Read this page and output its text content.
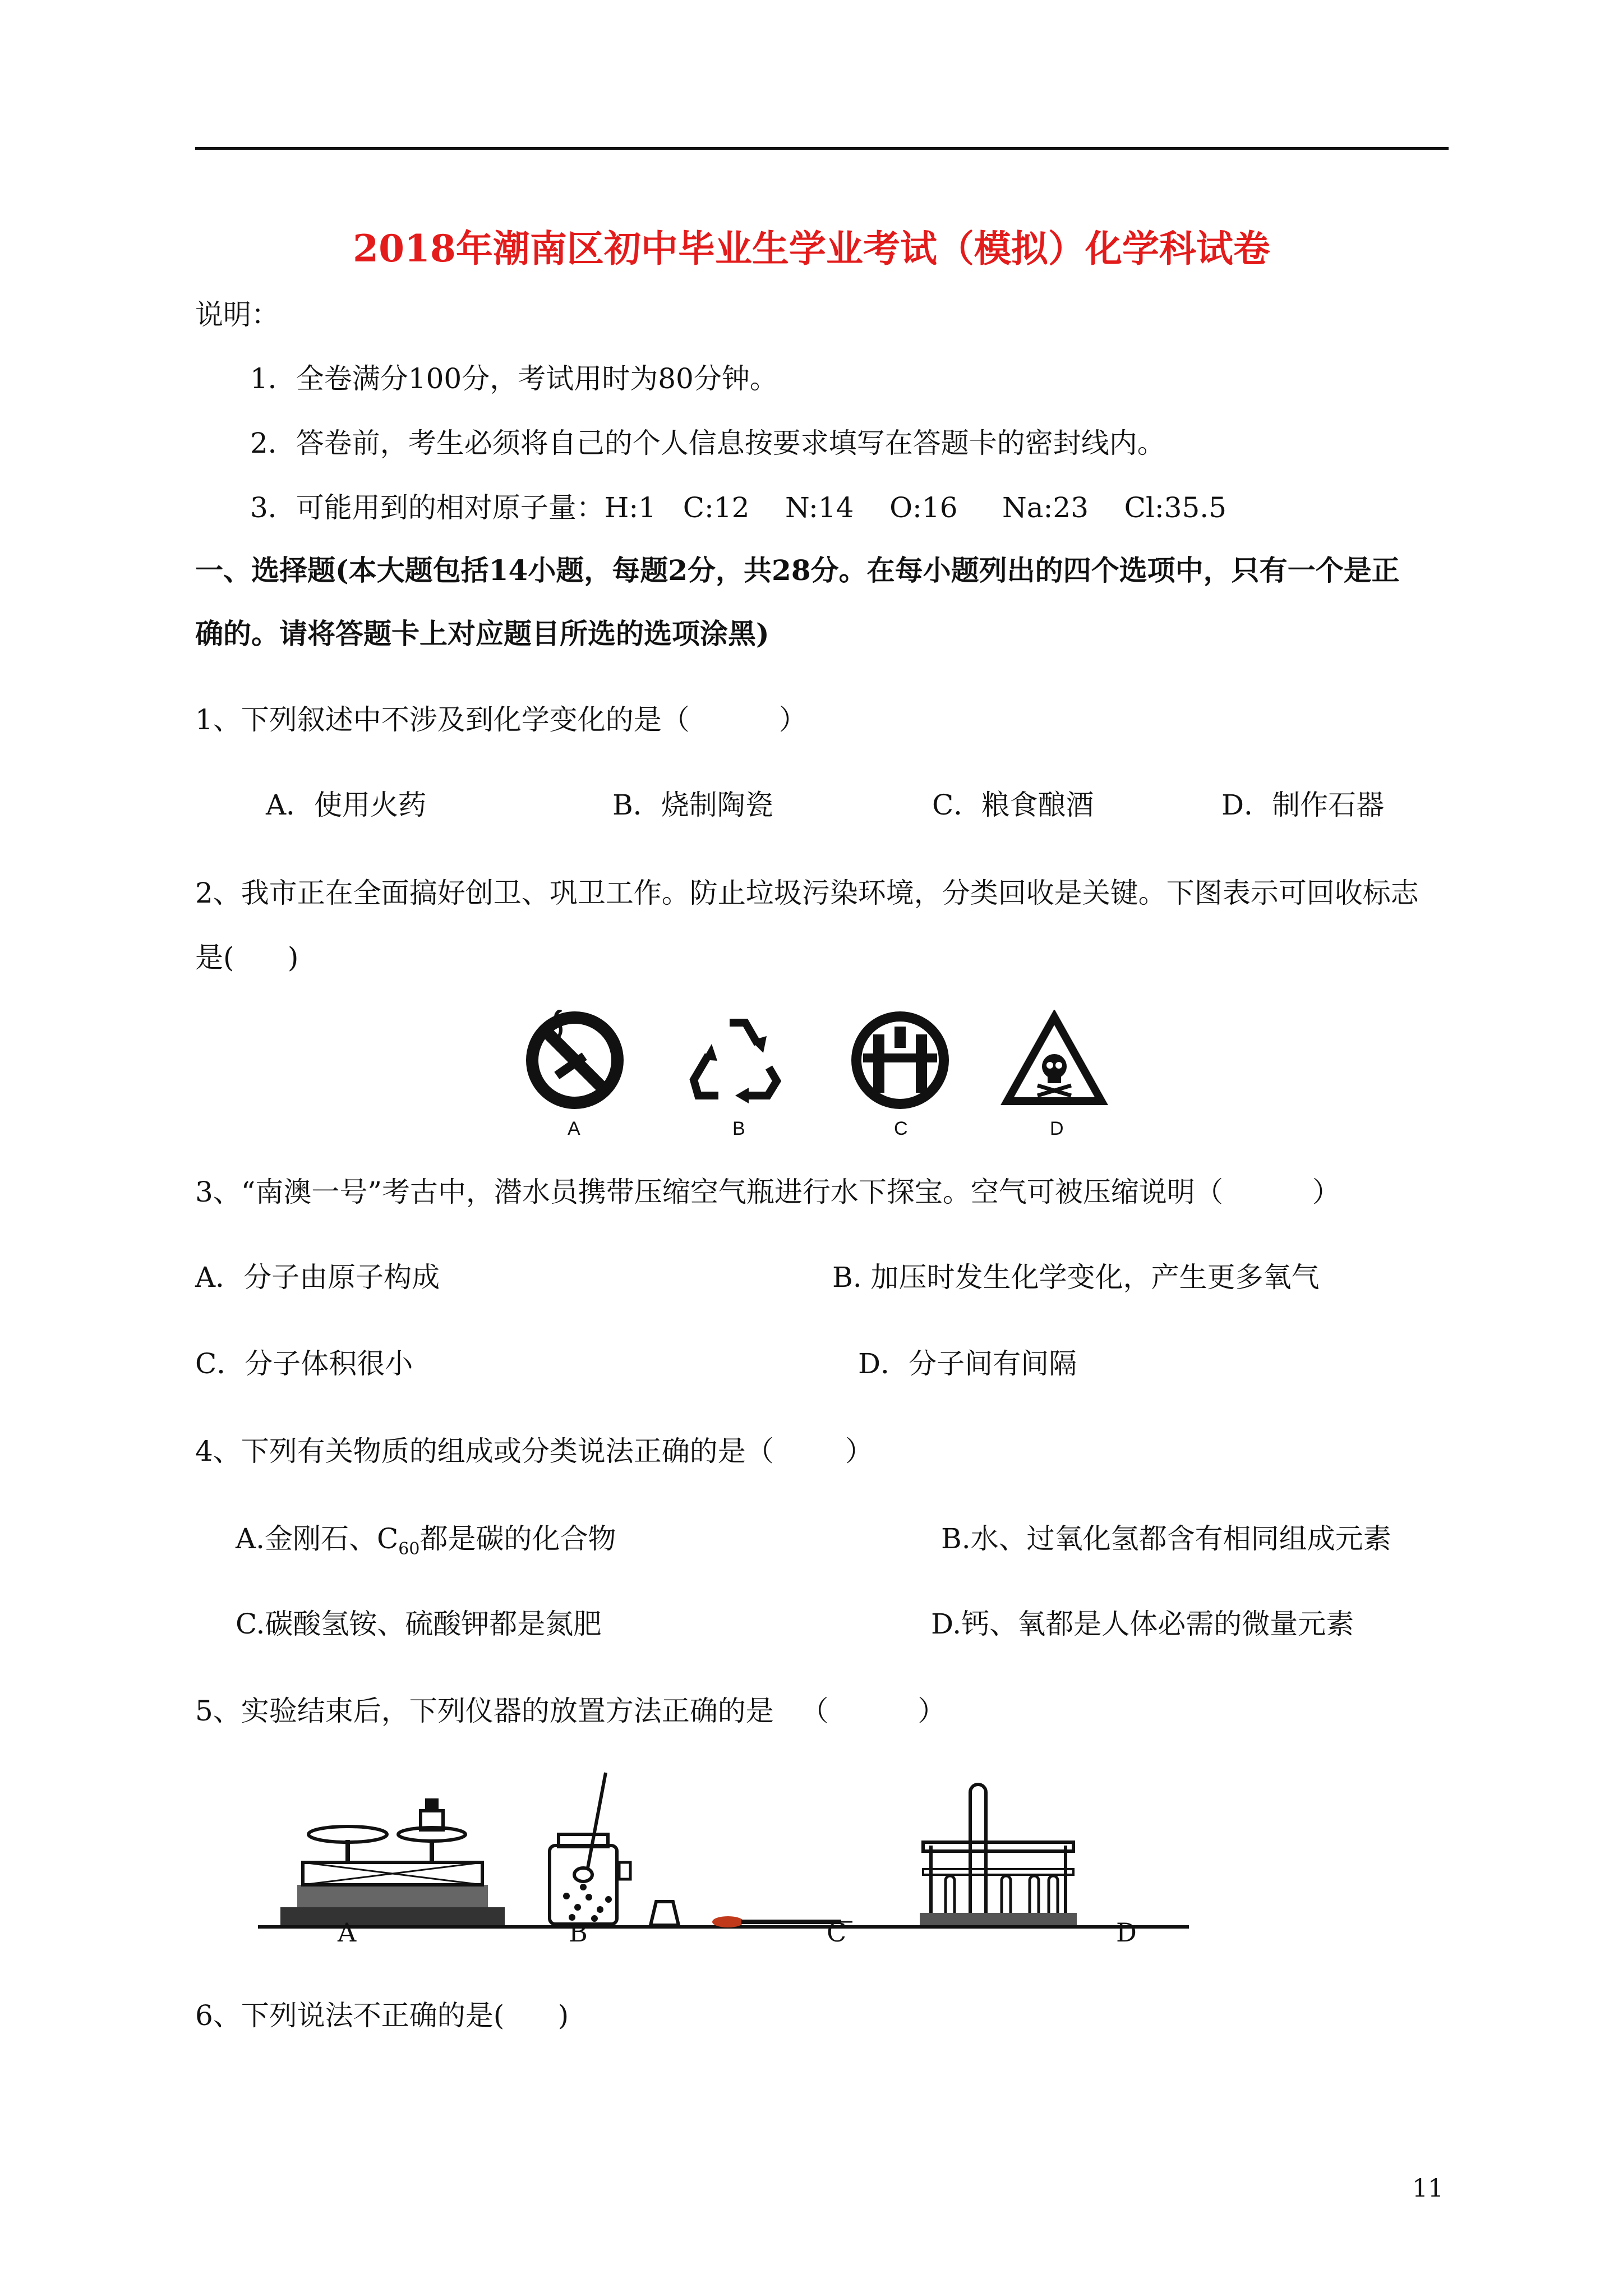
2018年潮南区初中毕业生学业考试（模拟）化学科试卷
说明：
1．全卷满分100分，考试用时为80分钟。
2．答卷前，考生必须将自己的个人信息按要求填写在答题卡的密封线内。
3．可能用到的相对原子量：H:1   C:12    N:14    O:16     Na:23    Cl:35.5
一、选择题(本大题包括14小题，每题2分，共28分。在每小题列出的四个选项中，只有一个是正
确的。请将答题卡上对应题目所选的选项涂黑)
1、下列叙述中不涉及到化学变化的是（          ）
A．使用火药	B．烧制陶瓷	C．粮食酿酒	D．制作石器
2、我市正在全面搞好创卫、巩卫工作。防止垃圾污染环境，分类回收是关键。下图表示可回收标志
是(      )
A	B	C	D
3、“南澳一号”考古中，潜水员携带压缩空气瓶进行水下探宝。空气可被压缩说明（          ）
A．分子由原子构成	B. 加压时发生化学变化，产生更多氧气
C．分子体积很小	D．分子间有间隔
4、下列有关物质的组成或分类说法正确的是（        ）
A.金刚石、$C_{60}$都是碳的化合物	B.水、过氧化氢都含有相同组成元素
C.碳酸氢铵、硫酸钾都是氮肥	D.钙、氧都是人体必需的微量元素
5、实验结束后，下列仪器的放置方法正确的是   （          ）
A	B	C	D
6、下列说法不正确的是(      )
11
